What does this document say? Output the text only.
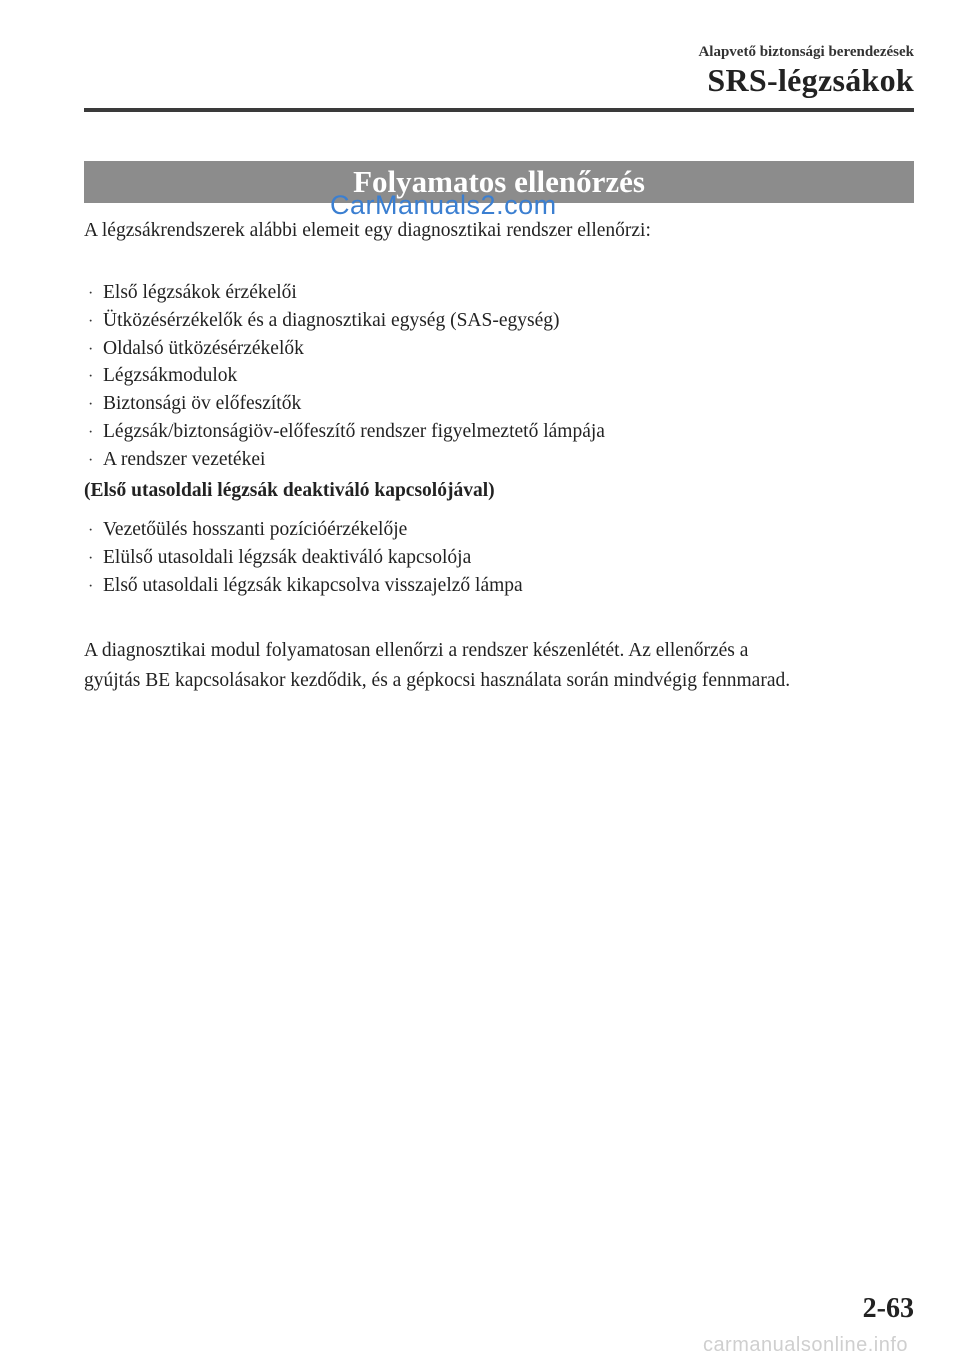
Alapvető biztonsági berendezések
SRS-légzsákok
Folyamatos ellenőrzés
CarManuals2.com

A légzsákrendszerek alábbi elemeit egy diagnosztikai rendszer ellenőrzi:

· Első légzsákok érzékelői
· Ütközésérzékelők és a diagnosztikai egység (SAS-egység)
· Oldalsó ütközésérzékelők
· Légzsákmodulok
· Biztonsági öv előfeszítők
· Légzsák/biztonságiöv-előfeszítő rendszer figyelmeztető lámpája
· A rendszer vezetékei

(Első utasoldali légzsák deaktiváló kapcsolójával)

· Vezetőülés hosszanti pozícióérzékelője
· Elülső utasoldali légzsák deaktiváló kapcsolója
· Első utasoldali légzsák kikapcsolva visszajelző lámpa

A diagnosztikai modul folyamatosan ellenőrzi a rendszer készenlétét. Az ellenőrzés a
gyújtás BE kapcsolásakor kezdődik, és a gépkocsi használata során mindvégig fennmarad.

2-63
carmanualsonline.info
